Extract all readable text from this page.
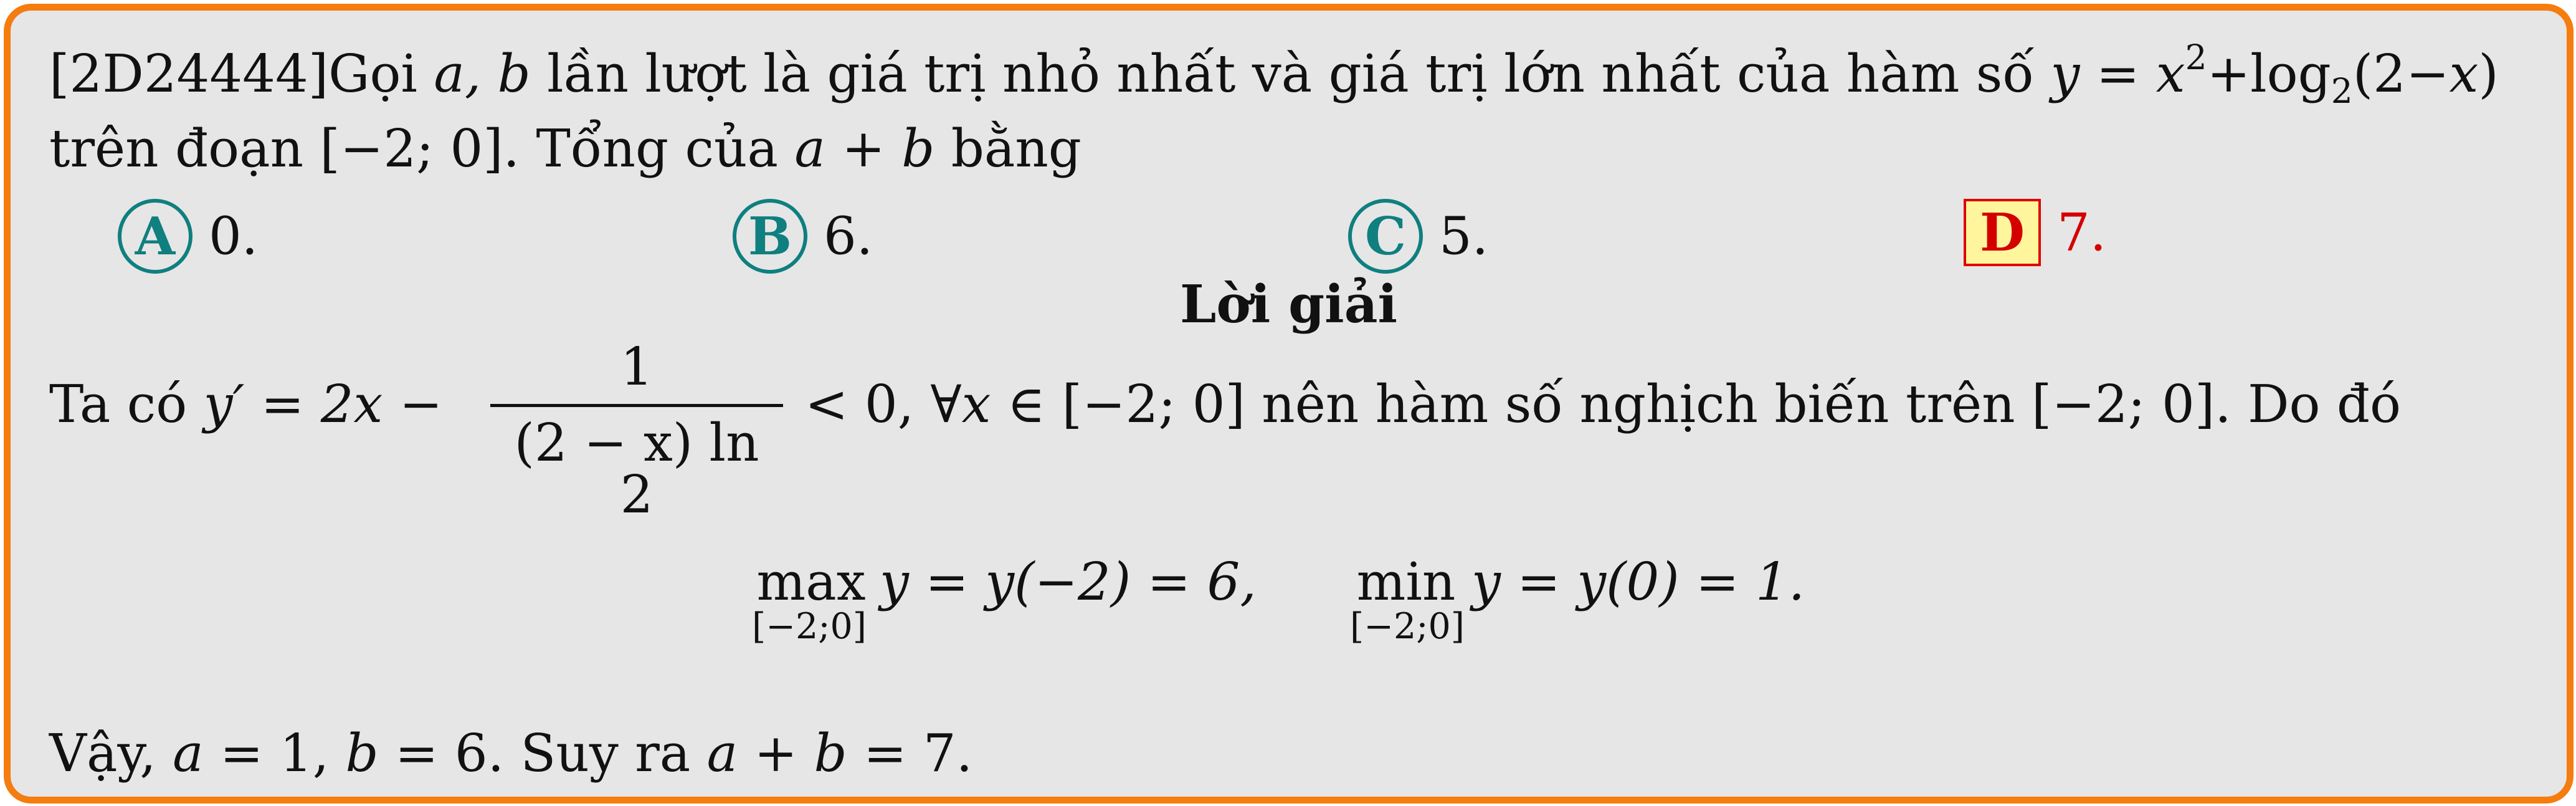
[2D24444]Gọi a, b lần lượt là giá trị nhỏ nhất và giá trị lớn nhất của hàm số $y = x^2+\log_2(2-x)$
trên đoạn [−2; 0]. Tổng của a + b bằng
A 0.	B 6.	C 5.	D 7.
Lời giải
Ta có $y' = 2x - \frac{1}{(2 - x) \ln 2} < 0$, ∀x ∈ [−2; 0] nên hàm số nghịch biến trên [−2; 0]. Do đó
max
[−2;0]
y = y(−2) = 6, min
[−2;0]
y = y(0) = 1.
Vậy, a = 1, b = 6. Suy ra a + b = 7.
